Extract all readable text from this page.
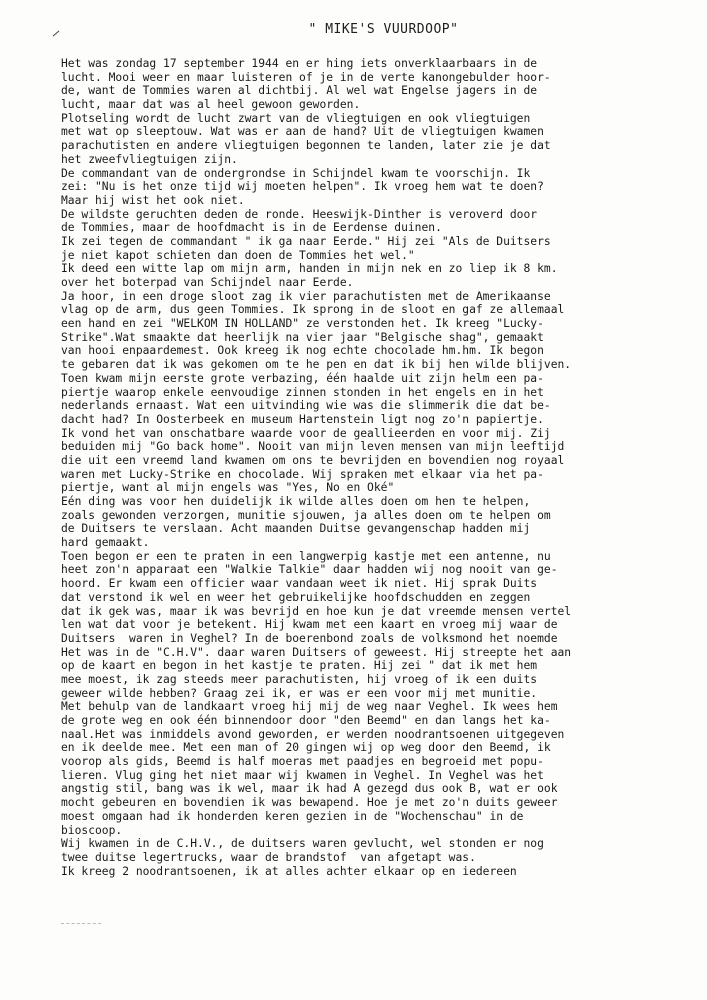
" MIKE'S VUURDOOP"
Het was zondag 17 september 1944 en er hing iets onverklaarbaars in de
lucht. Mooi weer en maar luisteren of je in de verte kanongebulder hoor-
de, want de Tommies waren al dichtbij. Al wel wat Engelse jagers in de
lucht, maar dat was al heel gewoon geworden.
Plotseling wordt de lucht zwart van de vliegtuigen en ook vliegtuigen
met wat op sleeptouw. Wat was er aan de hand? Uit de vliegtuigen kwamen
parachutisten en andere vliegtuigen begonnen te landen, later zie je dat
het zweefvliegtuigen zijn.
De commandant van de ondergrondse in Schijndel kwam te voorschijn. Ik
zei: "Nu is het onze tijd wij moeten helpen". Ik vroeg hem wat te doen?
Maar hij wist het ook niet.
De wildste geruchten deden de ronde. Heeswijk-Dinther is veroverd door
de Tommies, maar de hoofdmacht is in de Eerdense duinen.
Ik zei tegen de commandant " ik ga naar Eerde." Hij zei "Als de Duitsers
je niet kapot schieten dan doen de Tommies het wel."
Ik deed een witte lap om mijn arm, handen in mijn nek en zo liep ik 8 km.
over het boterpad van Schijndel naar Eerde.
Ja hoor, in een droge sloot zag ik vier parachutisten met de Amerikaanse
vlag op de arm, dus geen Tommies. Ik sprong in de sloot en gaf ze allemaal
een hand en zei "WELKOM IN HOLLAND" ze verstonden het. Ik kreeg "Lucky-
Strike".Wat smaakte dat heerlijk na vier jaar "Belgische shag", gemaakt
van hooi enpaardemest. Ook kreeg ik nog echte chocolade hm.hm. Ik begon
te gebaren dat ik was gekomen om te he pen en dat ik bij hen wilde blijven.
Toen kwam mijn eerste grote verbazing, één haalde uit zijn helm een pa-
piertje waarop enkele eenvoudige zinnen stonden in het engels en in het
nederlands ernaast. Wat een uitvinding wie was die slimmerik die dat be-
dacht had? In Oosterbeek en museum Hartenstein ligt nog zo'n papiertje.
Ik vond het van onschatbare waarde voor de geallieerden en voor mij. Zij
beduiden mij "Go back home". Nooit van mijn leven mensen van mijn leeftijd
die uit een vreemd land kwamen om ons te bevrijden en bovendien nog royaal
waren met Lucky-Strike en chocolade. Wij spraken met elkaar via het pa-
piertje, want al mijn engels was "Yes, No en Oké"
Eén ding was voor hen duidelijk ik wilde alles doen om hen te helpen,
zoals gewonden verzorgen, munitie sjouwen, ja alles doen om te helpen om
de Duitsers te verslaan. Acht maanden Duitse gevangenschap hadden mij
hard gemaakt.
Toen begon er een te praten in een langwerpig kastje met een antenne, nu
heet zon'n apparaat een "Walkie Talkie" daar hadden wij nog nooit van ge-
hoord. Er kwam een officier waar vandaan weet ik niet. Hij sprak Duits
dat verstond ik wel en weer het gebruikelijke hoofdschudden en zeggen
dat ik gek was, maar ik was bevrijd en hoe kun je dat vreemde mensen vertel
len wat dat voor je betekent. Hij kwam met een kaart en vroeg mij waar de
Duitsers  waren in Veghel? In de boerenbond zoals de volksmond het noemde
Het was in de "C.H.V". daar waren Duitsers of geweest. Hij streepte het aan
op de kaart en begon in het kastje te praten. Hij zei " dat ik met hem
mee moest, ik zag steeds meer parachutisten, hij vroeg of ik een duits
geweer wilde hebben? Graag zei ik, er was er een voor mij met munitie.
Met behulp van de landkaart vroeg hij mij de weg naar Veghel. Ik wees hem
de grote weg en ook één binnendoor door "den Beemd" en dan langs het ka-
naal.Het was inmiddels avond geworden, er werden noodrantsoenen uitgegeven
en ik deelde mee. Met een man of 20 gingen wij op weg door den Beemd, ik
voorop als gids, Beemd is half moeras met paadjes en begroeid met popu-
lieren. Vlug ging het niet maar wij kwamen in Veghel. In Veghel was het
angstig stil, bang was ik wel, maar ik had A gezegd dus ook B, wat er ook
mocht gebeuren en bovendien ik was bewapend. Hoe je met zo'n duits geweer
moest omgaan had ik honderden keren gezien in de "Wochenschau" in de
bioscoop.
Wij kwamen in de C.H.V., de duitsers waren gevlucht, wel stonden er nog
twee duitse legertrucks, waar de brandstof  van afgetapt was.
Ik kreeg 2 noodrantsoenen, ik at alles achter elkaar op en iedereen
